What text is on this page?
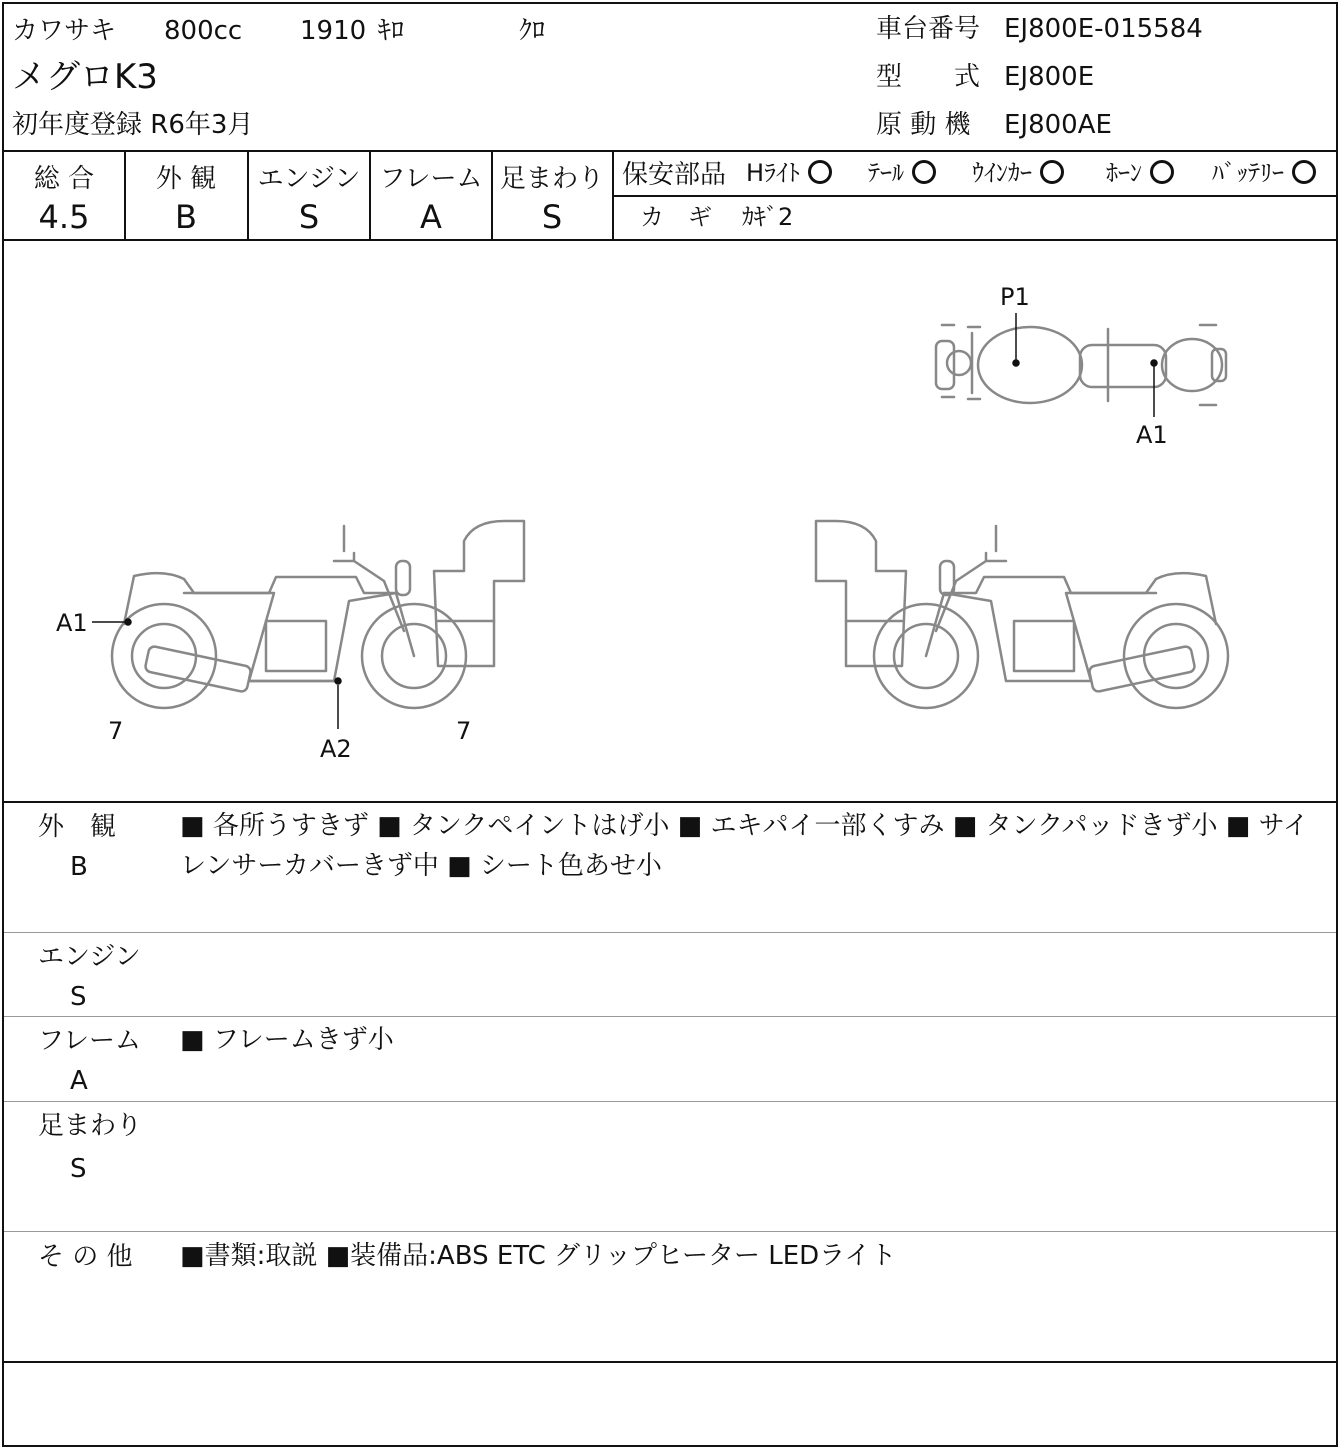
カワサキ 800cc 1910 ｷﾛ	ｸﾛ
メグロK3
初年度登録 R6年3月
車台番号 EJ800E-015584
型　　式 EJ800E
原 動 機 EJ800AE
総 合
4.5
外 観
B
エンジン
S
フレーム
A
足まわり
S
保安部品 Hﾗｲﾄ	ﾃｰﾙ	ｳｲﾝｶｰ	ﾎｰﾝ	ﾊﾞｯﾃﾘｰ
カ　ギ ｶｷﾞ2
P1
A1
A1
A2
7	7
外　観
B
■ 各所うすきず ■ タンクペイントはげ小 ■ エキパイ一部くすみ ■ タンクパッドきず小 ■ サイレンサーカバーきず中 ■ シート色あせ小
エンジン
S
フレーム
A
■ フレームきず小
足まわり
S
そ の 他 ■書類:取説 ■装備品:ABS ETC グリップヒーター LEDライト
